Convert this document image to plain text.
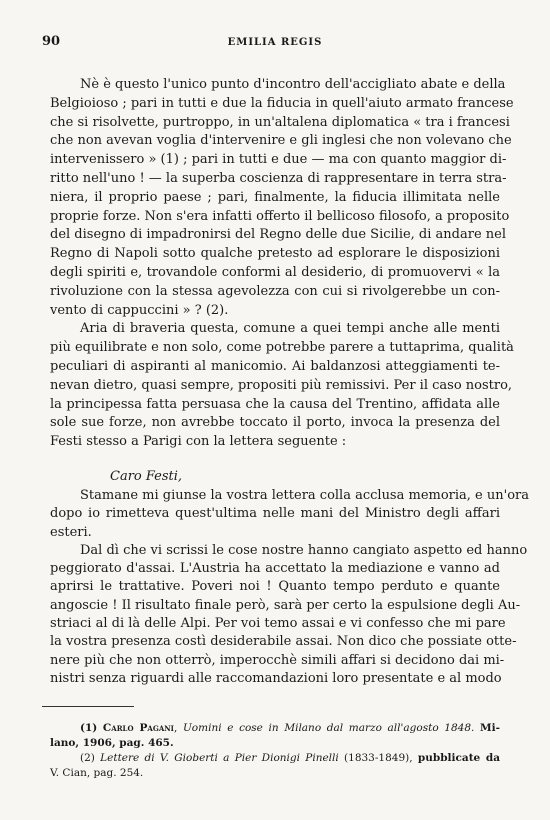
90	EMILIA REGIS
Nè è questo l'unico punto d'incontro dell'accigliato abate e della
Belgioioso ; pari in tutti e due la fiducia in quell'aiuto armato francese
che si risolvette, purtroppo, in un'altalena diplomatica « tra i francesi
che non avevan voglia d'intervenire e gli inglesi che non volevano che
intervenissero » (1) ; pari in tutti e due — ma con quanto maggior di-
ritto nell'uno ! — la superba coscienza di rappresentare in terra stra-
niera, il proprio paese ; pari, finalmente, la fiducia illimitata nelle
proprie forze. Non s'era infatti offerto il bellicoso filosofo, a proposito
del disegno di impadronirsi del Regno delle due Sicilie, di andare nel
Regno di Napoli sotto qualche pretesto ad esplorare le disposizioni
degli spiriti e, trovandole conformi al desiderio, di promuovervi « la
rivoluzione con la stessa agevolezza con cui si rivolgerebbe un con-
vento di cappuccini » ? (2).
Aria di braveria questa, comune a quei tempi anche alle menti
più equilibrate e non solo, come potrebbe parere a tuttaprima, qualità
peculiari di aspiranti al manicomio. Ai baldanzosi atteggiamenti te-
nevan dietro, quasi sempre, propositi più remissivi. Per il caso nostro,
la principessa fatta persuasa che la causa del Trentino, affidata alle
sole sue forze, non avrebbe toccato il porto, invoca la presenza del
Festi stesso a Parigi con la lettera seguente :
Caro Festi,
Stamane mi giunse la vostra lettera colla acclusa memoria, e un'ora
dopo io rimetteva quest'ultima nelle mani del Ministro degli affari
esteri.
Dal dì che vi scrissi le cose nostre hanno cangiato aspetto ed hanno
peggiorato d'assai. L'Austria ha accettato la mediazione e vanno ad
aprirsi le trattative. Poveri noi ! Quanto tempo perduto e quante
angoscie ! Il risultato finale però, sarà per certo la espulsione degli Au-
striaci al di là delle Alpi. Per voi temo assai e vi confesso che mi pare
la vostra presenza costì desiderabile assai. Non dico che possiate otte-
nere più che non otterrò, imperocchè simili affari si decidono dai mi-
nistri senza riguardi alle raccomandazioni loro presentate e al modo
(1) Carlo Pagani, Uomini e cose in Milano dal marzo all'agosto 1848. Mi-
lano, 1906, pag. 465.
(2) Lettere di V. Gioberti a Pier Dionigi Pinelli (1833-1849), pubblicate da
V. Cian, pag. 254.
